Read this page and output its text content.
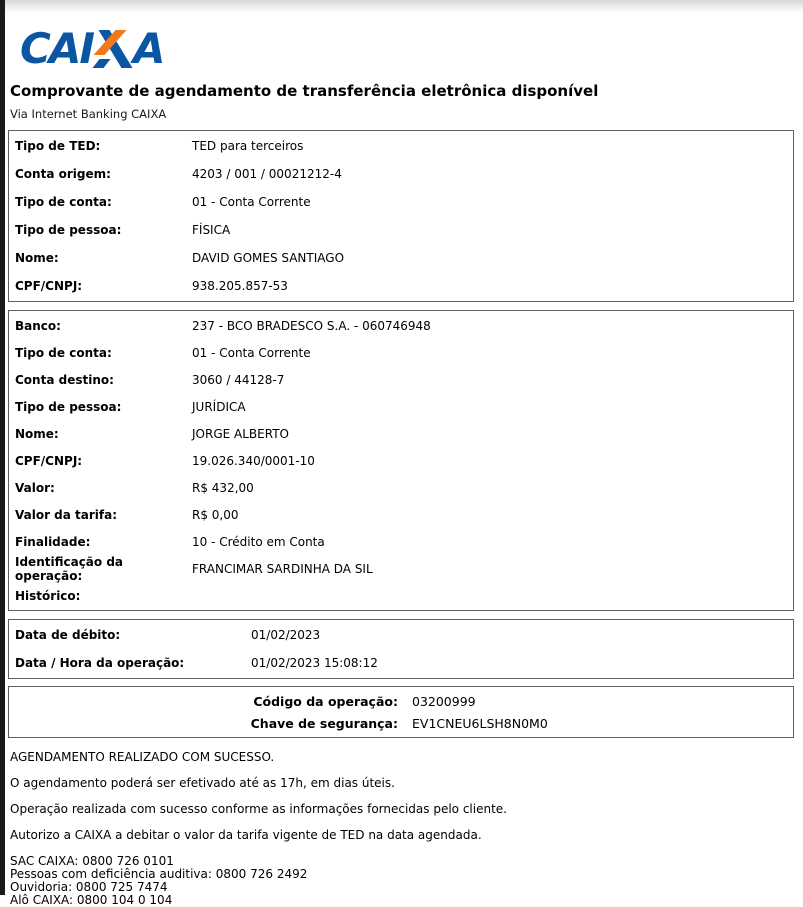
CAI A
Comprovante de agendamento de transferência eletrônica disponível
Via Internet Banking CAIXA
Tipo de TED:	TED para terceiros
Conta origem:	4203 / 001 / 00021212-4
Tipo de conta:	01 - Conta Corrente
Tipo de pessoa:	FÍSICA
Nome:	DAVID GOMES SANTIAGO
CPF/CNPJ:	938.205.857-53
Banco:	237 - BCO BRADESCO S.A. - 060746948
Tipo de conta:	01 - Conta Corrente
Conta destino:	3060 / 44128-7
Tipo de pessoa:	JURÍDICA
Nome:	JORGE ALBERTO
CPF/CNPJ:	19.026.340/0001-10
Valor:	R$ 432,00
Valor da tarifa:	R$ 0,00
Finalidade:	10 - Crédito em Conta
Identificação da operação:	FRANCIMAR SARDINHA DA SIL
Histórico:
Data de débito:	01/02/2023
Data / Hora da operação:	01/02/2023 15:08:12
Código da operação:	03200999
Chave de segurança:	EV1CNEU6LSH8N0M0
AGENDAMENTO REALIZADO COM SUCESSO.
O agendamento poderá ser efetivado até as 17h, em dias úteis.
Operação realizada com sucesso conforme as informações fornecidas pelo cliente.
Autorizo a CAIXA a debitar o valor da tarifa vigente de TED na data agendada.
SAC CAIXA: 0800 726 0101
Pessoas com deficiência auditiva: 0800 726 2492
Ouvidoria: 0800 725 7474
Alô CAIXA: 0800 104 0 104
